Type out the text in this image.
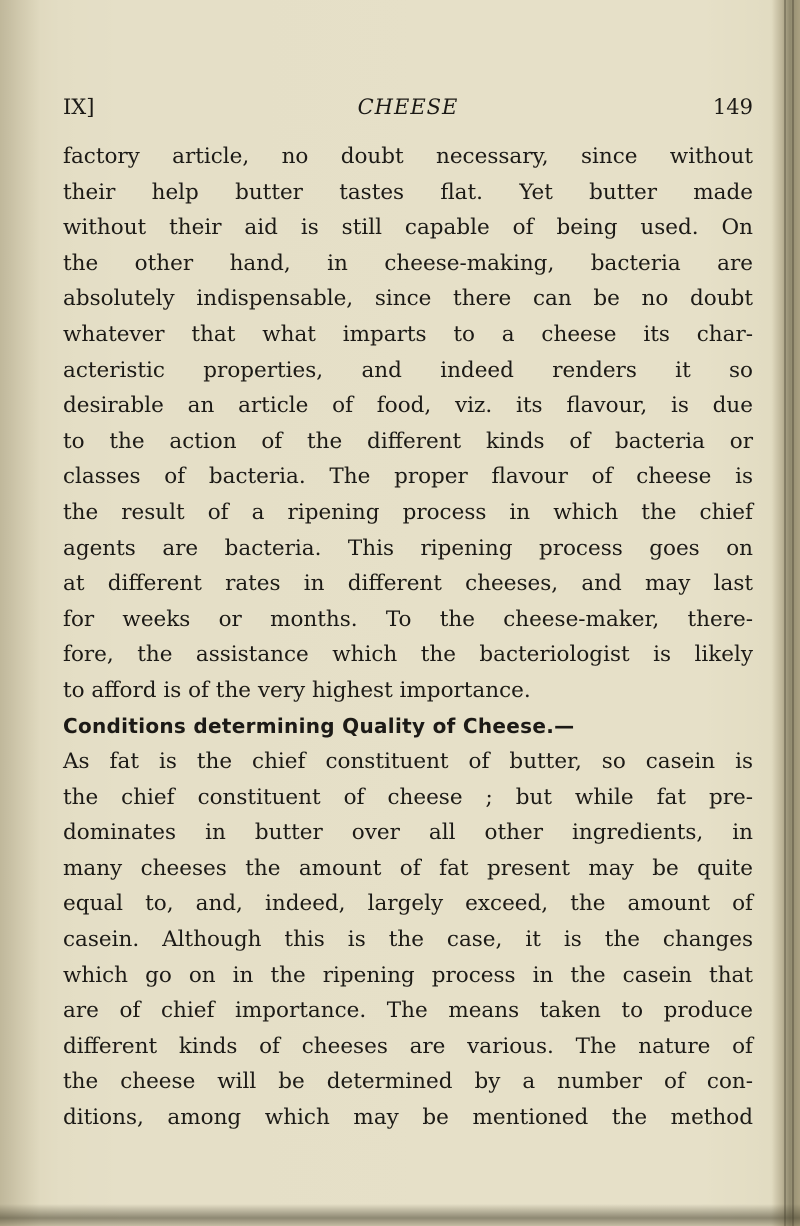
IX]	CHEESE	149
factory article, no doubt necessary, since without
their help butter tastes flat. Yet butter made
without their aid is still capable of being used. On
the other hand, in cheese-making, bacteria are
absolutely indispensable, since there can be no doubt
whatever that what imparts to a cheese its char-
acteristic properties, and indeed renders it so
desirable an article of food, viz. its flavour, is due
to the action of the different kinds of bacteria or
classes of bacteria. The proper flavour of cheese is
the result of a ripening process in which the chief
agents are bacteria. This ripening process goes on
at different rates in different cheeses, and may last
for weeks or months. To the cheese-maker, there-
fore, the assistance which the bacteriologist is likely
to afford is of the very highest importance.
Conditions determining Quality of Cheese.—
As fat is the chief constituent of butter, so casein is
the chief constituent of cheese ; but while fat pre-
dominates in butter over all other ingredients, in
many cheeses the amount of fat present may be quite
equal to, and, indeed, largely exceed, the amount of
casein. Although this is the case, it is the changes
which go on in the ripening process in the casein that
are of chief importance. The means taken to produce
different kinds of cheeses are various. The nature of
the cheese will be determined by a number of con-
ditions, among which may be mentioned the method
